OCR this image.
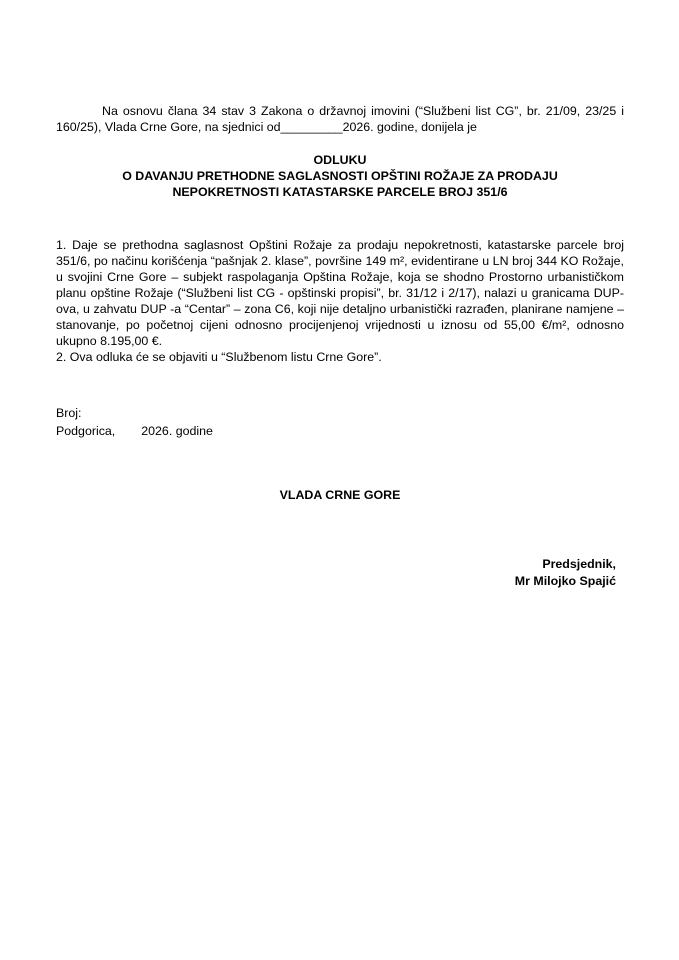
Na osnovu člana 34 stav 3 Zakona o državnoj imovini (“Službeni list CG”, br. 21/09, 23/25 i 160/25), Vlada Crne Gore, na sjednici od_________2026. godine, donijela je
ODLUKU
O DAVANJU PRETHODNE SAGLASNOSTI OPŠTINI ROŽAJE ZA PRODAJU
NEPOKRETNOSTI KATASTARSKE PARCELE BROJ 351/6

1. Daje se prethodna saglasnost Opštini Rožaje za prodaju nepokretnosti, katastarske parcele broj 351/6, po načinu korišćenja “pašnjak 2. klase”, površine 149 m², evidentirane u LN broj 344 KO Rožaje, u svojini Crne Gore – subjekt raspolaganja Opština Rožaje, koja se shodno Prostorno urbanističkom planu opštine Rožaje (“Službeni list CG - opštinski propisi”, br. 31/12 i 2/17), nalazi u granicama DUP-ova, u zahvatu DUP -a “Centar” – zona C6, koji nije detaljno urbanistički razrađen, planirane namjene – stanovanje, po početnoj cijeni odnosno procijenjenoj vrijednosti u iznosu od 55,00 €/m², odnosno ukupno 8.195,00 €.

2. Ova odluka će se objaviti u “Službenom listu Crne Gore”.

Broj:
Podgorica, 2026. godine
VLADA CRNE GORE
Predsjednik,
Mr Milojko Spajić
